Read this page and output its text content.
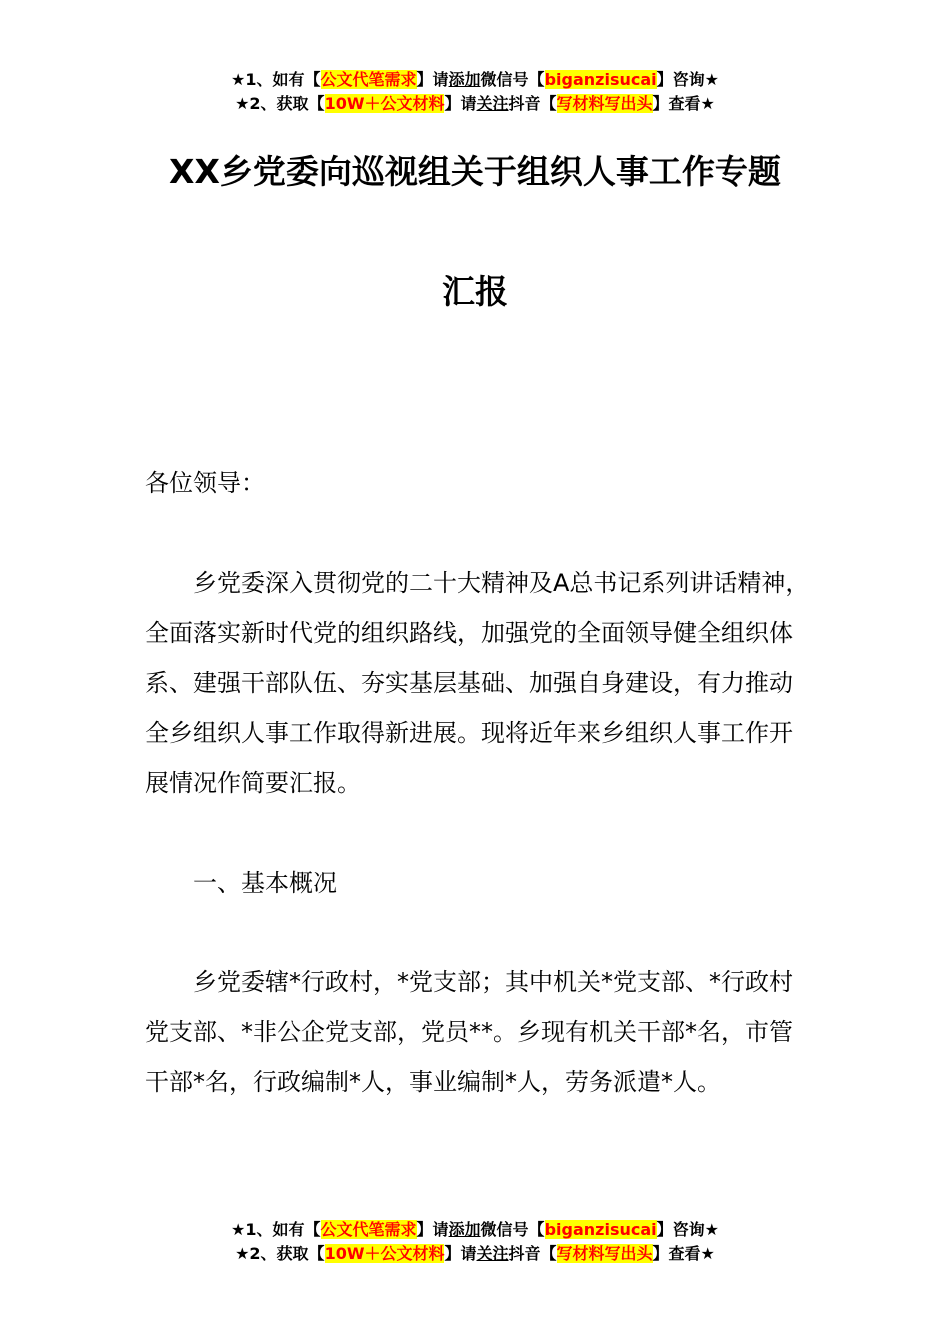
★1、如有【公文代笔需求】请添加微信号【biganzisucai】咨询★
★2、获取【10W＋公文材料】请关注抖音【写材料写出头】查看★
XX乡党委向巡视组关于组织人事工作专题
汇报

各位领导：

乡党委深入贯彻党的二十大精神及A总书记系列讲话精神，全面落实新时代党的组织路线，加强党的全面领导健全组织体系、建强干部队伍、夯实基层基础、加强自身建设，有力推动全乡组织人事工作取得新进展。现将近年来乡组织人事工作开展情况作简要汇报。

一、基本概况

乡党委辖*行政村，*党支部；其中机关*党支部、*行政村党支部、*非公企党支部，党员**。乡现有机关干部*名，市管干部*名，行政编制*人，事业编制*人，劳务派遣*人。

★1、如有【公文代笔需求】请添加微信号【biganzisucai】咨询★
★2、获取【10W＋公文材料】请关注抖音【写材料写出头】查看★
